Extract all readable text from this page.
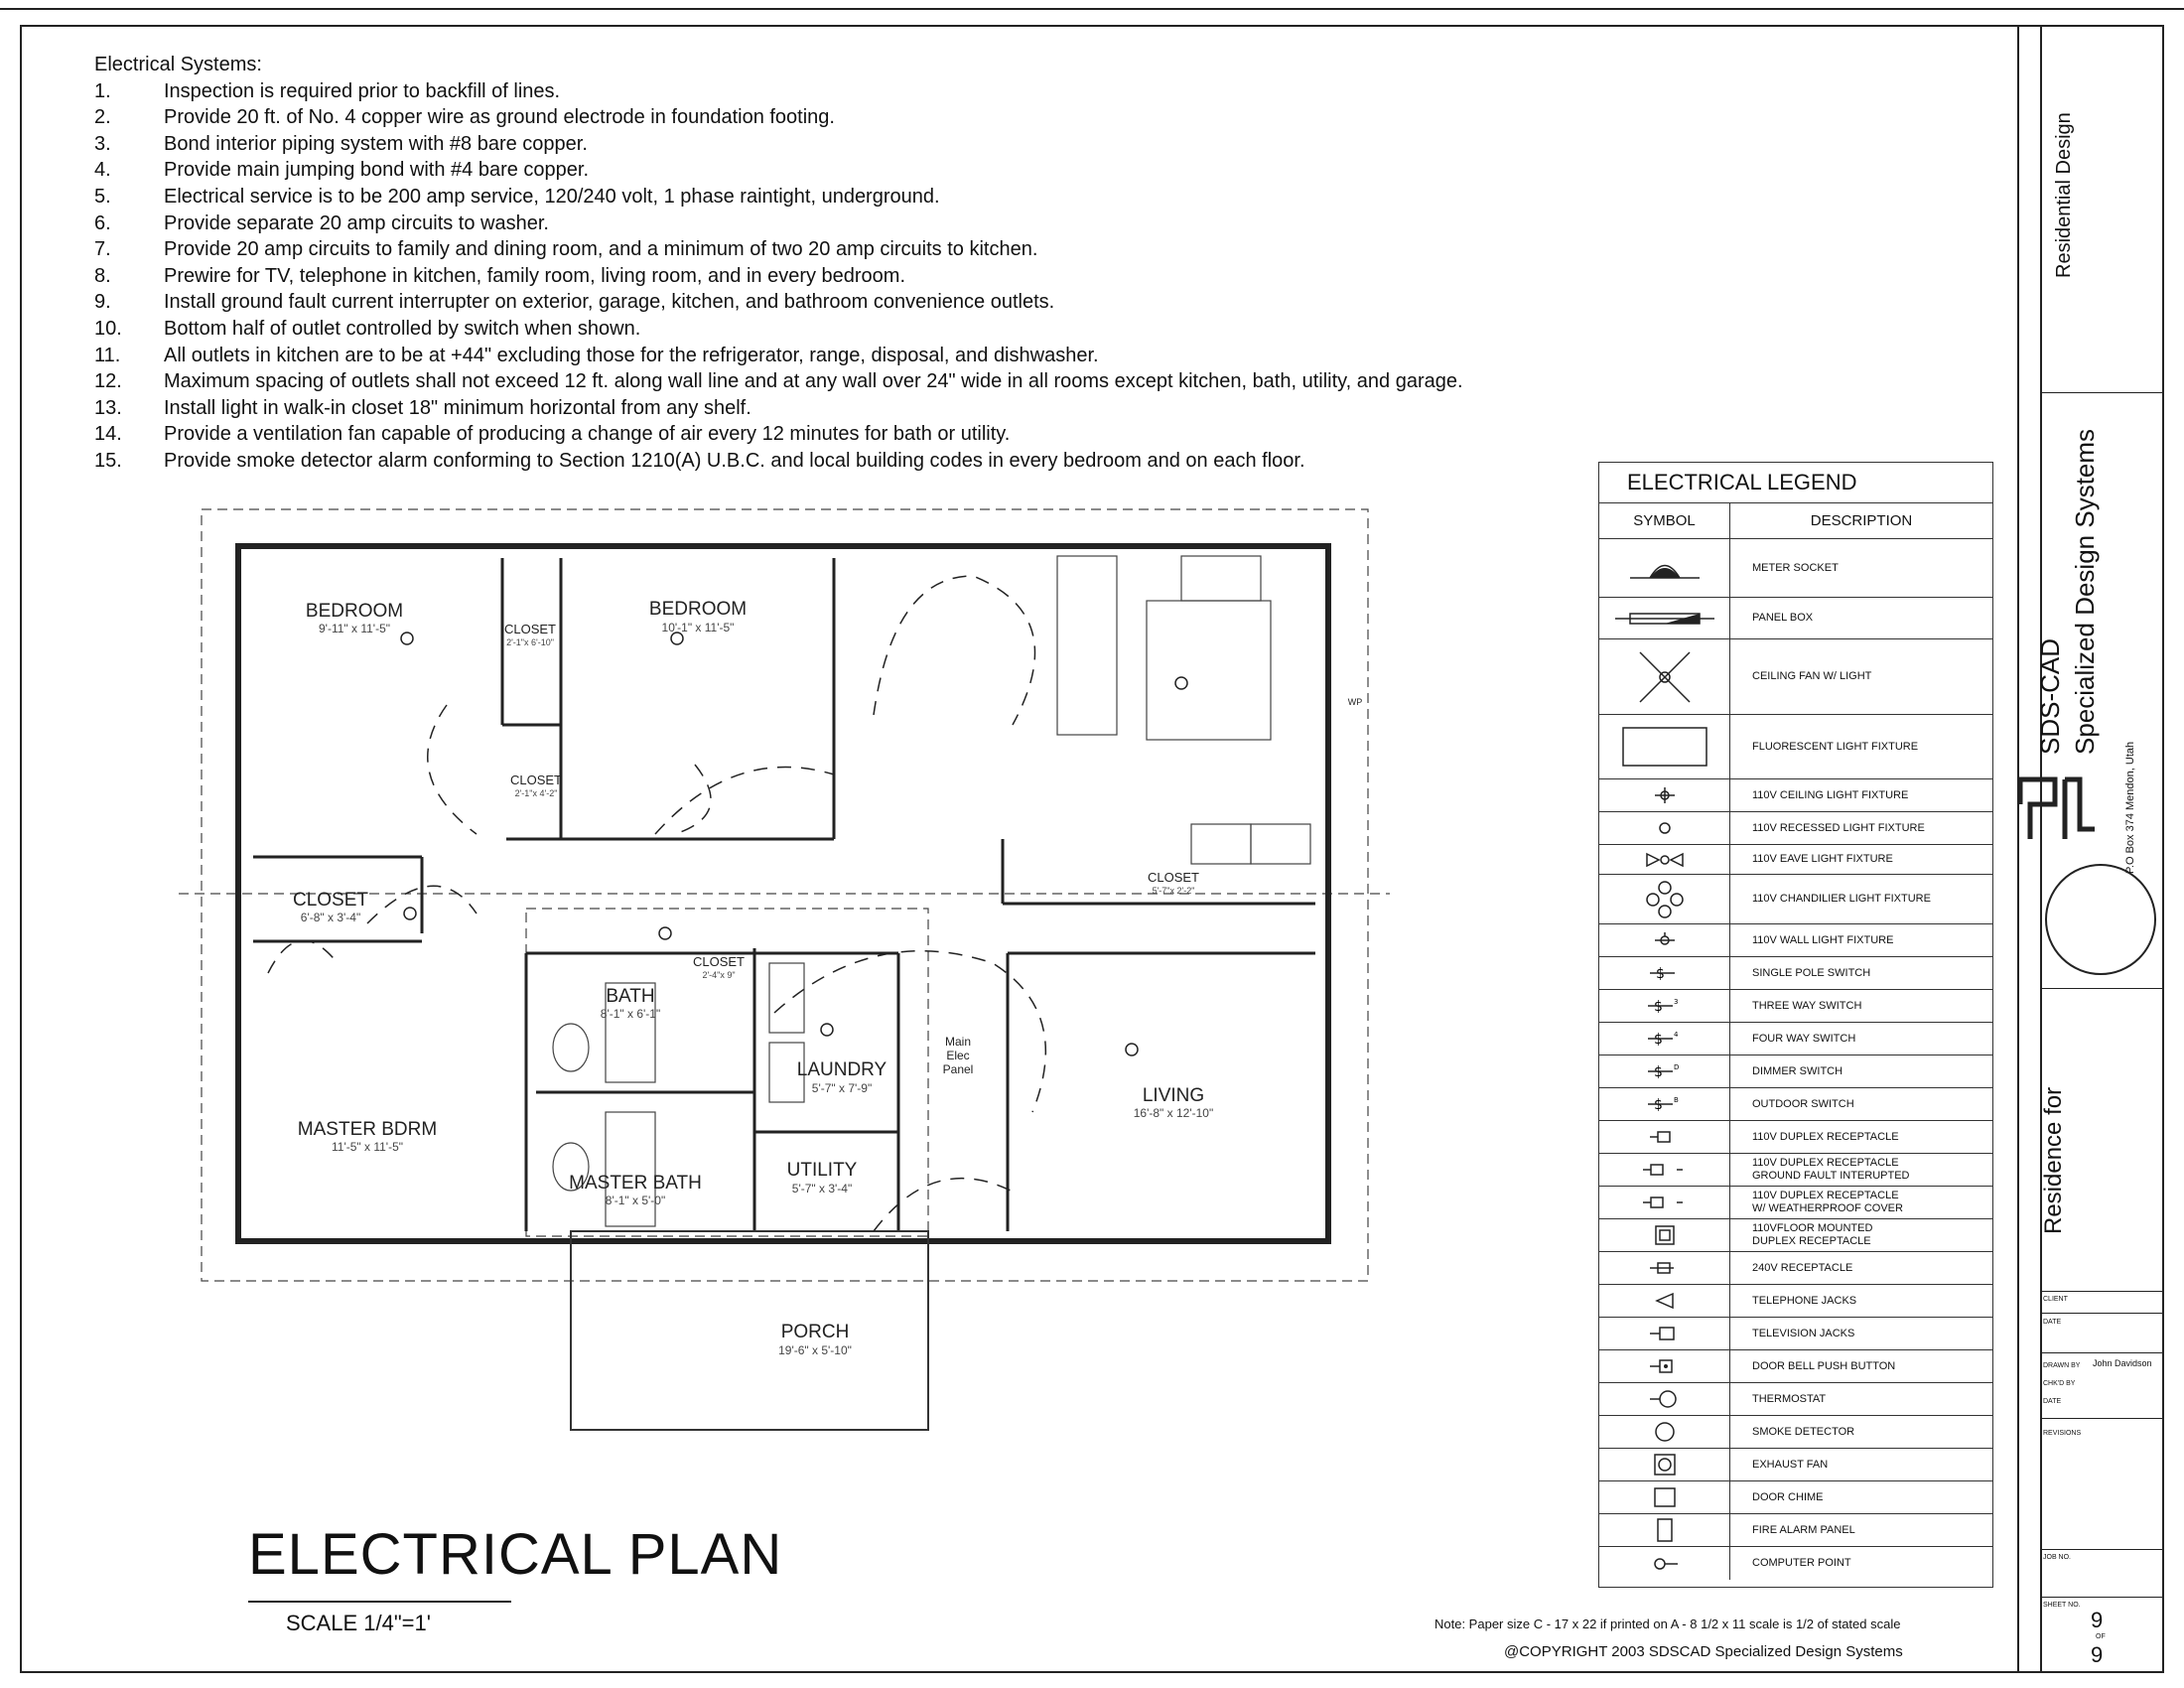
Electrical Systems:
1.	Inspection is required prior to backfill of lines.
2.	Provide 20 ft. of No. 4 copper wire as ground electrode in foundation footing.
3.	Bond interior piping system with #8 bare copper.
4.	Provide main jumping bond with #4 bare copper.
5.	Electrical service is to be 200 amp service, 120/240 volt, 1 phase raintight, underground.
6.	Provide separate 20 amp circuits to washer.
7.	Provide 20 amp circuits to family and dining room, and a minimum of two 20 amp circuits to kitchen.
8.	Prewire for TV, telephone in kitchen, family room, living room, and in every bedroom.
9.	Install ground fault current interrupter on exterior, garage, kitchen, and bathroom convenience outlets.
10.	Bottom half of outlet controlled by switch when shown.
11.	All outlets in kitchen are to be at +44" excluding those for the refrigerator, range, disposal, and dishwasher.
12.	Maximum spacing of outlets shall not exceed 12 ft. along wall line and at any wall over 24" wide in all rooms except kitchen, bath, utility, and garage.
13.	Install light in walk-in closet 18" minimum horizontal from any shelf.
14.	Provide a ventilation fan capable of producing a change of air every 12 minutes for bath or utility.
15.	Provide smoke detector alarm conforming to Section 1210(A) U.B.C. and local building codes in every bedroom and on each floor.
BEDROOM
9'-11" x 11'-5"	CLOSET
2'-1"x 6'-10"
BEDROOM
10'-1" x 11'-5"
CLOSET
2'-1"x 4'-2"
CLOSET
6'-8" x 3'-4"
CLOSET
2'-4"x 9"
BATH
8'-1" x 6'-1"
LAUNDRY
5'-7" x 7'-9"
UTILITY
5'-7" x 3'-4"
MASTER BDRM
11'-5" x 11'-5"
MASTER BATH
8'-1" x 5'-0"
LIVING
16'-8" x 12'-10"
CLOSET
5'-7"x 2'-2"
PORCH
19'-6" x 5'-10"
Main
Elec
Panel
WP
ELECTRICAL PLAN
SCALE 1/4"=1'
ELECTRICAL LEGEND
SYMBOL	DESCRIPTION
METER SOCKET
PANEL BOX
CEILING FAN W/ LIGHT
FLUORESCENT LIGHT FIXTURE
110V CEILING LIGHT FIXTURE
110V RECESSED LIGHT FIXTURE
110V EAVE LIGHT FIXTURE
110V CHANDILIER LIGHT FIXTURE
110V WALL LIGHT FIXTURE
$	SINGLE POLE SWITCH
$ 3	THREE WAY SWITCH
$ 4	FOUR WAY SWITCH
$ D	DIMMER SWITCH
$ B	OUTDOOR SWITCH
110V DUPLEX RECEPTACLE
110V DUPLEX RECEPTACLE
GROUND FAULT INTERUPTED
110V DUPLEX RECEPTACLE
W/ WEATHERPROOF COVER
110VFLOOR MOUNTED
DUPLEX RECEPTACLE
240V RECEPTACLE
TELEPHONE JACKS
TELEVISION JACKS
DOOR BELL PUSH BUTTON
THERMOSTAT
SMOKE DETECTOR
EXHAUST FAN
DOOR CHIME
FIRE ALARM PANEL
COMPUTER POINT
Note: Paper size C - 17 x 22 if printed on A - 8 1/2 x 11 scale is 1/2 of stated scale
@COPYRIGHT 2003 SDSCAD Specialized Design Systems
Residential Design
SDS-CAD Specialized Design Systems
P.O Box 374 Mendon, Utah
Residence for
CLIENT
DATE
DRAWN BY John Davidson
CHK'D BY
DATE
REVISIONS
JOB NO.
SHEET NO.
9
OF
9
